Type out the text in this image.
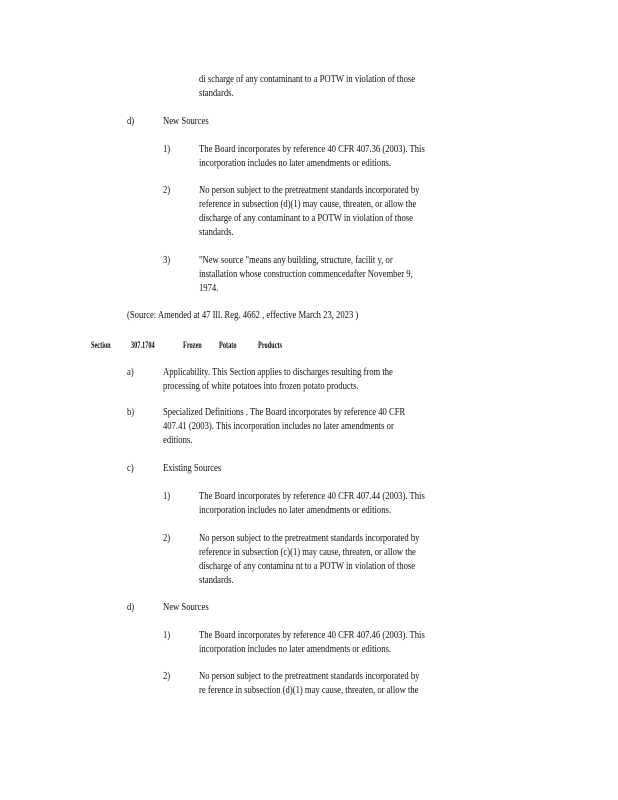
di scharge of any contaminant to a POTW in violation of those
standards.
d)	New Sources
1)	The Board incorporates by reference 40 CFR 407.36 (2003). This
incorporation includes no later amendments or editions.
2)	No person subject to the pretreatment standards incorporated by
reference in subsection (d)(1) may cause, threaten, or allow the
discharge of any contaminant to a POTW in violation of those
standards.
3)	"New source "means any building, structure, facilit y, or
installation whose construction commencedafter November 9,
1974.
(Source: Amended at 47 Ill. Reg. 4662 , effective March 23, 2023 )
Section 307.1704	Frozen Potato Products
a)	Applicability. This Section applies to discharges resulting from the
processing of white potatoes into frozen potato products.
b)	Specialized Definitions . The Board incorporates by reference 40 CFR
407.41 (2003). This incorporation includes no later amendments or
editions.
c)	Existing Sources
1)	The Board incorporates by reference 40 CFR 407.44 (2003). This
incorporation includes no later amendments or editions.
2)	No person subject to the pretreatment standards incorporated by
reference in subsection (c)(1) may cause, threaten, or allow the
discharge of any contamina nt to a POTW in violation of those
standards.
d)	New Sources
1)	The Board incorporates by reference 40 CFR 407.46 (2003). This
incorporation includes no later amendments or editions.
2)	No person subject to the pretreatment standards incorporated by
re ference in subsection (d)(1) may cause, threaten, or allow the
